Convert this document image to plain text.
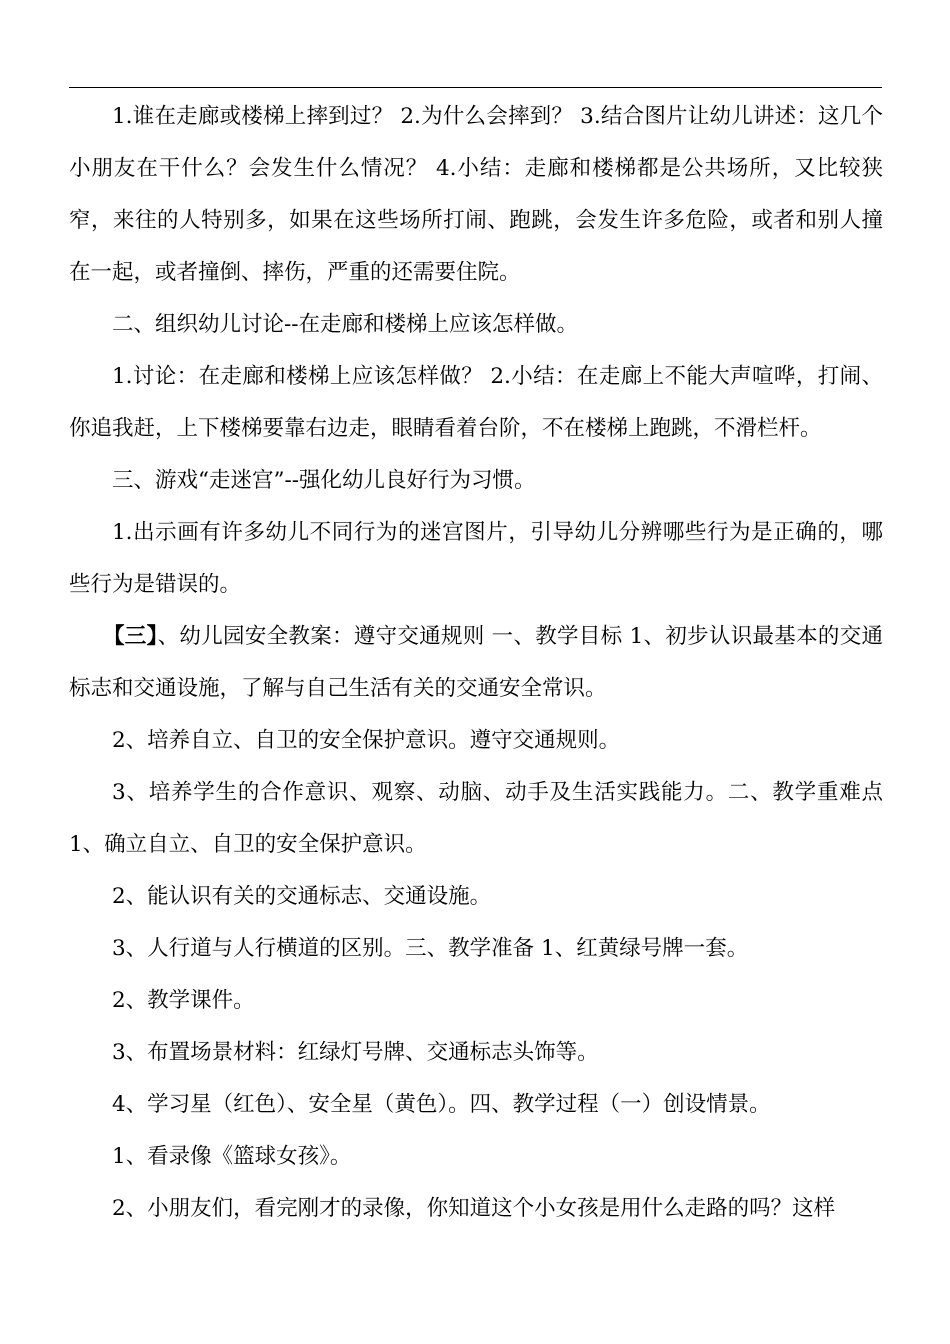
1.谁在走廊或楼梯上摔到过？ 2.为什么会摔到？ 3.结合图片让幼儿讲述：这几个小朋友在干什么？会发生什么情况？ 4.小结：走廊和楼梯都是公共场所，又比较狭窄，来往的人特别多，如果在这些场所打闹、跑跳，会发生许多危险，或者和别人撞在一起，或者撞倒、摔伤，严重的还需要住院。

二、组织幼儿讨论--在走廊和楼梯上应该怎样做。

1.讨论：在走廊和楼梯上应该怎样做？ 2.小结：在走廊上不能大声喧哗，打闹、你追我赶，上下楼梯要靠右边走，眼睛看着台阶，不在楼梯上跑跳，不滑栏杆。

三、游戏“走迷宫”--强化幼儿良好行为习惯。

1.出示画有许多幼儿不同行为的迷宫图片，引导幼儿分辨哪些行为是正确的，哪些行为是错误的。

【三】、幼儿园安全教案：遵守交通规则 一、教学目标 1、初步认识最基本的交通标志和交通设施，了解与自己生活有关的交通安全常识。

2、培养自立、自卫的安全保护意识。遵守交通规则。

3、培养学生的合作意识、观察、动脑、动手及生活实践能力。二、教学重难点 1、确立自立、自卫的安全保护意识。

2、能认识有关的交通标志、交通设施。

3、人行道与人行横道的区别。三、教学准备 1、红黄绿号牌一套。

2、教学课件。

3、布置场景材料：红绿灯号牌、交通标志头饰等。

4、学习星（红色）、安全星（黄色）。四、教学过程（一）创设情景。

1、看录像《篮球女孩》。

2、小朋友们，看完刚才的录像，你知道这个小女孩是用什么走路的吗？这样
